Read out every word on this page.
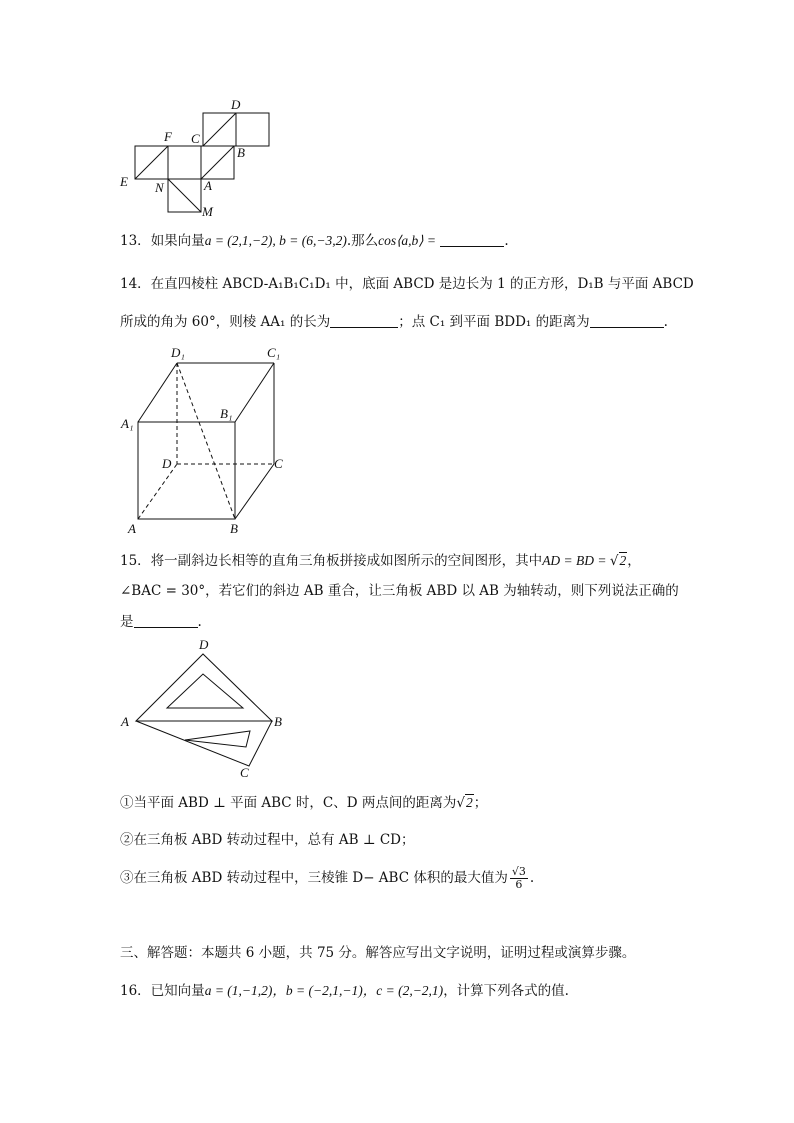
D
F C
B
E N	A
M
13．如果向量a = (2,1,−2), b = (6,−3,2).那么cos⟨a,b⟩ =	.
14．在直四棱柱 ABCD-A₁B₁C₁D₁ 中，底面 ABCD 是边长为 1 的正方形，D₁B 与平面 ABCD
所成的角为 60°，则棱 AA₁ 的长为	；点 C₁ 到平面 BDD₁ 的距离为	.
D₁	C₁
A₁
B₁
D	C
A	B
15．将一副斜边长相等的直角三角板拼接成如图所示的空间图形，其中AD = BD = √2，
∠BAC = 30°，若它们的斜边 AB 重合，让三角板 ABD 以 AB 为轴转动，则下列说法正确的
是	.
D
A	B
C
①当平面 ABD ⊥ 平面 ABC 时，C、D 两点间的距离为√2；
②在三角板 ABD 转动过程中，总有 AB ⊥ CD；
③在三角板 ABD 转动过程中，三棱锥 D− ABC 体积的最大值为 $\frac{√3}{6}$ .
三、解答题：本题共 6 小题，共 75 分。解答应写出文字说明，证明过程或演算步骤。
16．已知向量a = (1,−1,2)，b = (−2,1,−1)，c = (2,−2,1)，计算下列各式的值.
